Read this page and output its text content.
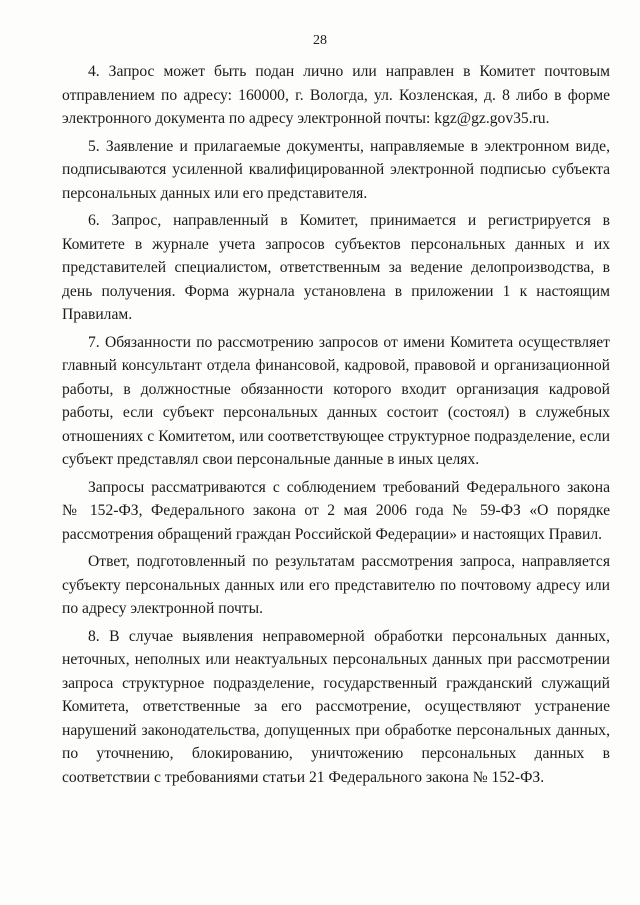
28

4. Запрос может быть подан лично или направлен в Комитет почтовым отправлением по адресу: 160000, г. Вологда, ул. Козленская, д. 8 либо в форме электронного документа по адресу электронной почты: kgz@gz.gov35.ru.

5. Заявление и прилагаемые документы, направляемые в электронном виде, подписываются усиленной квалифицированной электронной подписью субъекта персональных данных или его представителя.

6. Запрос, направленный в Комитет, принимается и регистрируется в Комитете в журнале учета запросов субъектов персональных данных и их представителей специалистом, ответственным за ведение делопроизводства, в день получения. Форма журнала установлена в приложении 1 к настоящим Правилам.

7. Обязанности по рассмотрению запросов от имени Комитета осуществляет главный консультант отдела финансовой, кадровой, правовой и организационной работы, в должностные обязанности которого входит организация кадровой работы, если субъект персональных данных состоит (состоял) в служебных отношениях с Комитетом, или соответствующее структурное подразделение, если субъект представлял свои персональные данные в иных целях.

Запросы рассматриваются с соблюдением требований Федерального закона № 152-ФЗ, Федерального закона от 2 мая 2006 года № 59-ФЗ «О порядке рассмотрения обращений граждан Российской Федерации» и настоящих Правил.

Ответ, подготовленный по результатам рассмотрения запроса, направляется субъекту персональных данных или его представителю по почтовому адресу или по адресу электронной почты.

8. В случае выявления неправомерной обработки персональных данных, неточных, неполных или неактуальных персональных данных при рассмотрении запроса структурное подразделение, государственный гражданский служащий Комитета, ответственные за его рассмотрение, осуществляют устранение нарушений законодательства, допущенных при обработке персональных данных, по уточнению, блокированию, уничтожению персональных данных в соответствии с требованиями статьи 21 Федерального закона № 152-ФЗ.
